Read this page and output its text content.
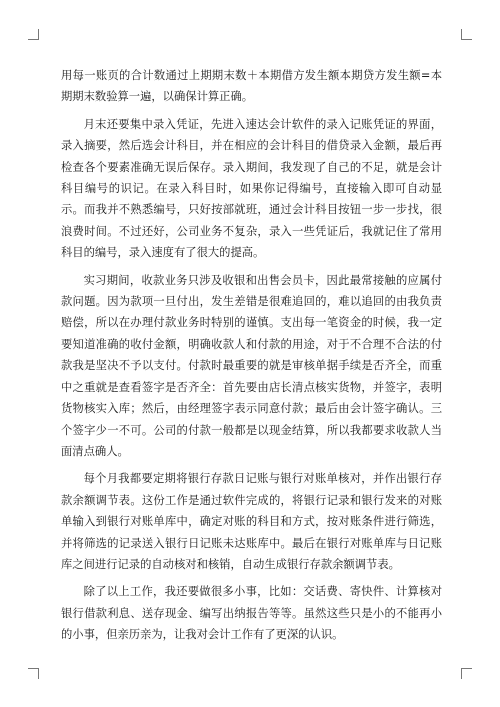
用每一账页的合计数通过上期期末数＋本期借方发生额本期贷方发生额=本期期末数验算一遍，以确保计算正确。

月末还要集中录入凭证，先进入速达会计软件的录入记账凭证的界面，录入摘要，然后选会计科目，并在相应的会计科目的借贷录入金额，最后再检查各个要素准确无误后保存。录入期间，我发现了自己的不足，就是会计科目编号的识记。在录入科目时，如果你记得编号，直接输入即可自动显示。而我并不熟悉编号，只好按部就班，通过会计科目按钮一步一步找，很浪费时间。不过还好，公司业务不复杂，录入一些凭证后，我就记住了常用科目的编号，录入速度有了很大的提高。

实习期间，收款业务只涉及收银和出售会员卡，因此最常接触的应属付款问题。因为款项一旦付出，发生差错是很难追回的，难以追回的由我负责赔偿，所以在办理付款业务时特别的谨慎。支出每一笔资金的时候，我一定要知道准确的收付金额，明确收款人和付款的用途，对于不合理不合法的付款我是坚决不予以支付。付款时最重要的就是审核单据手续是否齐全，而重中之重就是查看签字是否齐全：首先要由店长清点核实货物，并签字，表明货物核实入库；然后，由经理签字表示同意付款；最后由会计签字确认。三个签字少一不可。公司的付款一般都是以现金结算，所以我都要求收款人当面清点确人。

每个月我都要定期将银行存款日记账与银行对账单核对，并作出银行存款余额调节表。这份工作是通过软件完成的，将银行记录和银行发来的对账单输入到银行对账单库中，确定对账的科目和方式，按对账条件进行筛选，并将筛选的记录送入银行日记账未达账库中。最后在银行对账单库与日记账库之间进行记录的自动核对和核销，自动生成银行存款余额调节表。

除了以上工作，我还要做很多小事，比如：交话费、寄快件、计算核对银行借款利息、送存现金、编写出纳报告等等。虽然这些只是小的不能再小的小事，但亲历亲为，让我对会计工作有了更深的认识。
